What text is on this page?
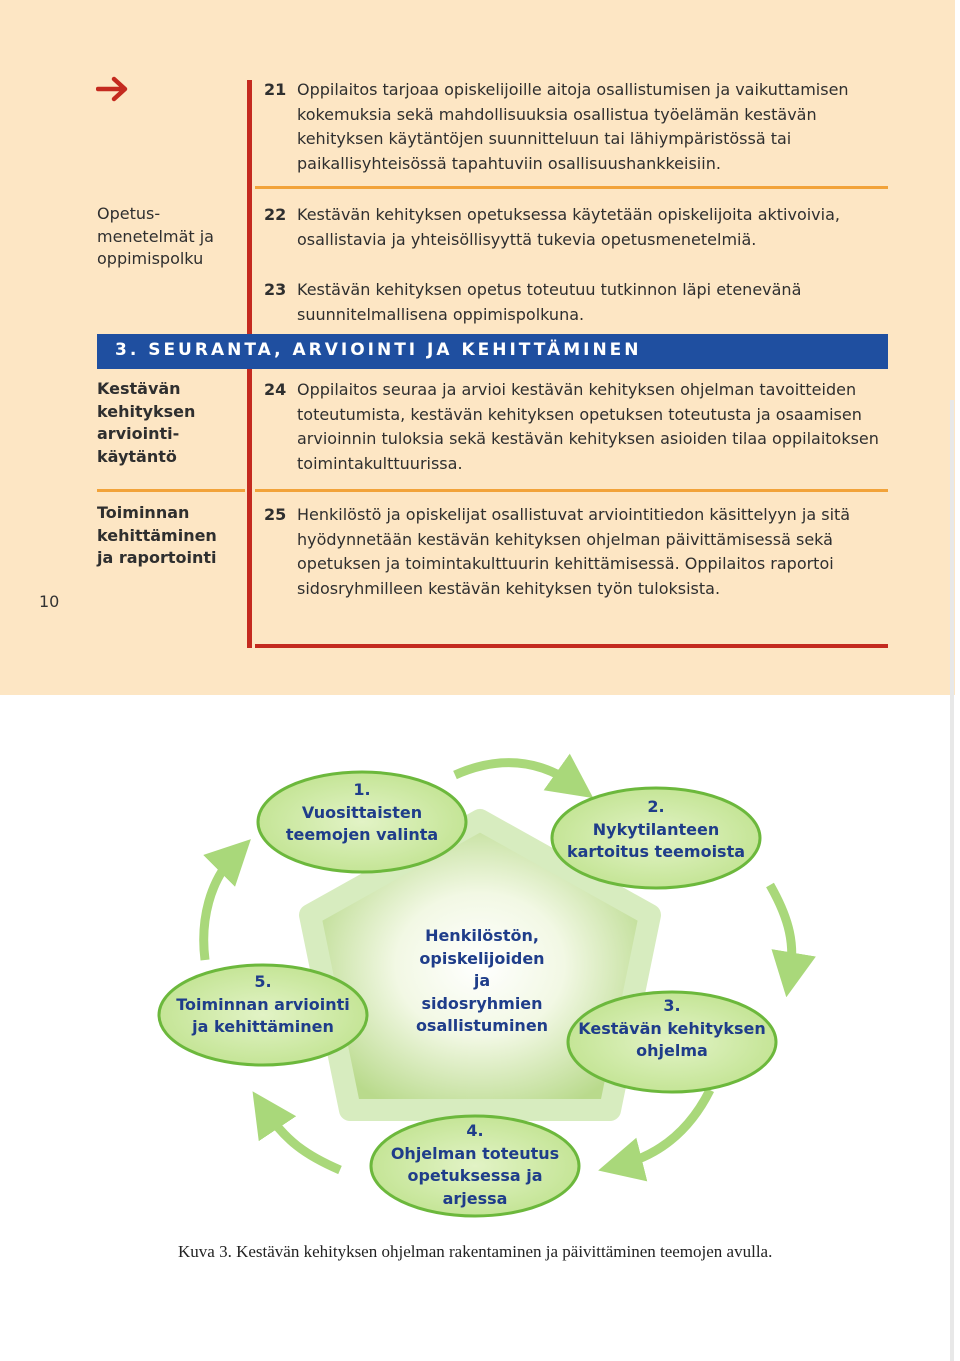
21 Oppilaitos tarjoaa opiskelijoille aitoja osallistumisen ja vaikuttamisen kokemuksia sekä mahdollisuuksia osallistua työelämän kestävän kehityksen käytäntöjen suunnitteluun tai lähiympäristössä tai paikallisyhteisössä tapahtuviin osallisuushankkeisiin.
Opetus-
menetelmät ja
oppimispolku
22 Kestävän kehityksen opetuksessa käytetään opiskelijoita aktivoivia, osallistavia ja yhteisöllisyyttä tukevia opetusmenetelmiä.
23 Kestävän kehityksen opetus toteutuu tutkinnon läpi etenevänä suunnitelmallisena oppimispolkuna.
3. SEURANTA, ARVIOINTI JA KEHITTÄMINEN
Kestävän
kehityksen
arviointi-
käytäntö
24 Oppilaitos seuraa ja arvioi kestävän kehityksen ohjelman tavoitteiden toteutumista, kestävän kehityksen opetuksen toteutusta ja osaamisen arvioinnin tuloksia sekä kestävän kehityksen asioiden tilaa oppilaitoksen toimintakulttuurissa.
Toiminnan
kehittäminen
ja raportointi
25 Henkilöstö ja opiskelijat osallistuvat arviointitiedon käsittelyyn ja sitä hyödynnetään kestävän kehityksen ohjelman päivittämisessä sekä opetuksen ja toimintakulttuurin kehittämisessä. Oppilaitos raportoi sidosryhmilleen kestävän kehityksen työn tuloksista.
10
Henkilöstön,
opiskelijoiden ja
sidosryhmien
osallistuminen
1.
Vuosittaisten
teemojen valinta
2.
Nykytilanteen
kartoitus teemoista
3.
Kestävän kehityksen
ohjelma
4.
Ohjelman toteutus
opetuksessa ja
arjessa
5.
Toiminnan arviointi
ja kehittäminen
Kuva 3. Kestävän kehityksen ohjelman rakentaminen ja päivittäminen teemojen avulla.
